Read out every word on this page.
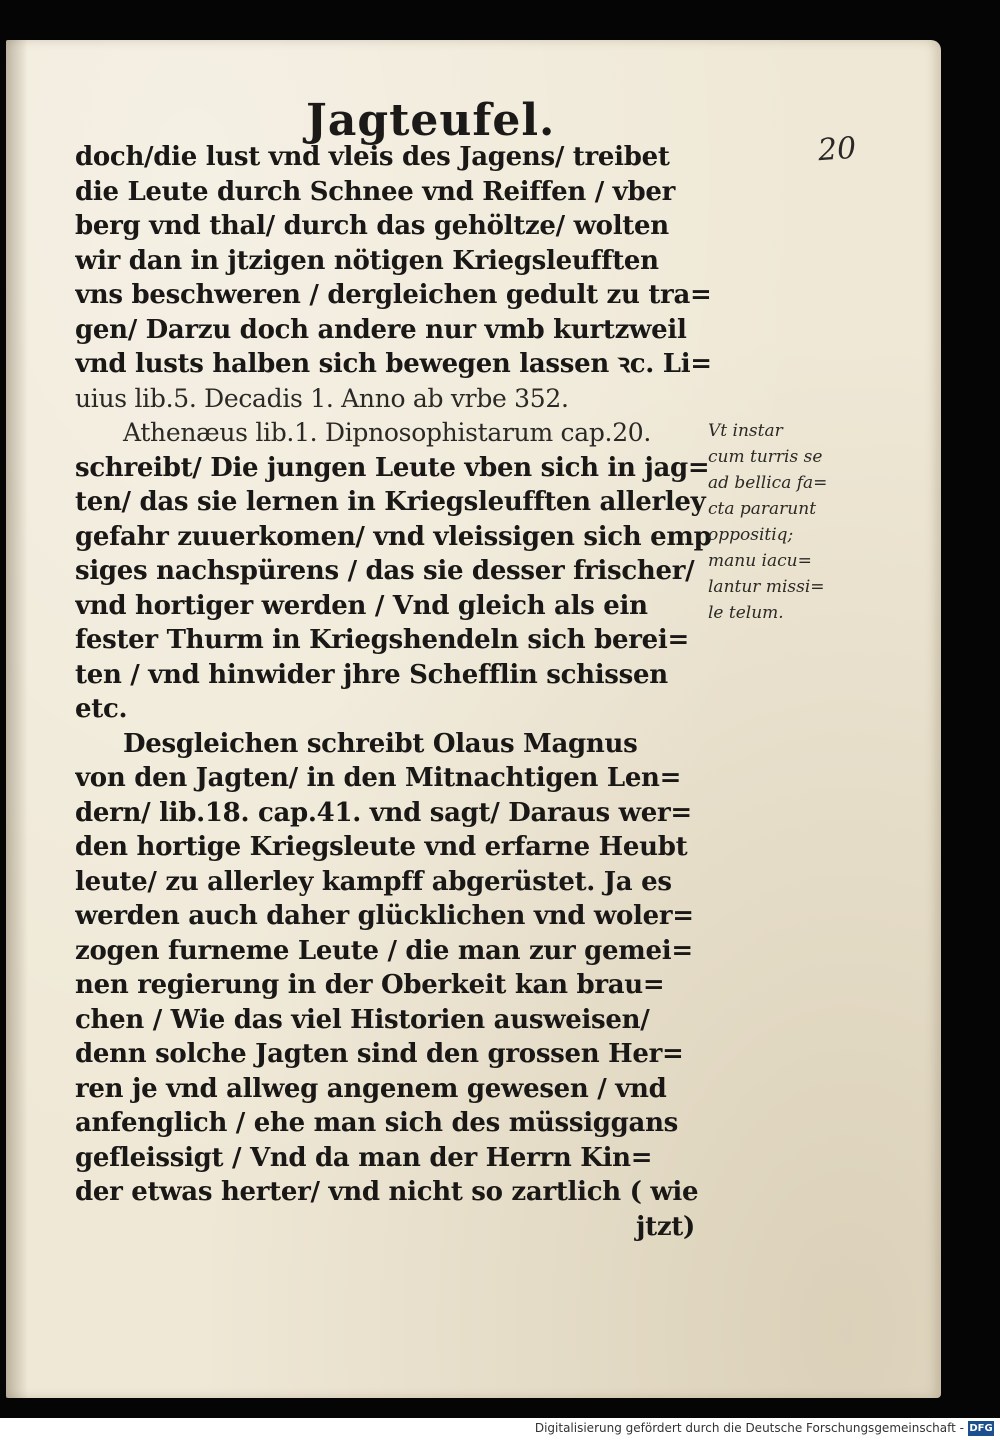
Jagteufel.
20
doch/die lust vnd vleis des Jagens/ treibet
die Leute durch Schnee vnd Reiffen / vber
berg vnd thal/ durch das gehöltze/ wolten
wir dan in jtzigen nötigen Kriegsleufften
vns beschweren / dergleichen gedult zu tra=
gen/ Darzu doch andere nur vmb kurtzweil
vnd lusts halben sich bewegen lassen ꝛc. Li=
uius lib.5. Decadis 1. Anno ab vrbe 352.
Athenæus lib.1. Dipnosophistarum cap.20.
schreibt/ Die jungen Leute vben sich in jag=
ten/ das sie lernen in Kriegsleufften allerley
gefahr zuuerkomen/ vnd vleissigen sich emp
siges nachspürens / das sie desser frischer/
vnd hortiger werden / Vnd gleich als ein
fester Thurm in Kriegshendeln sich berei=
ten / vnd hinwider jhre Schefflin schissen
etc.
Desgleichen schreibt Olaus Magnus
von den Jagten/ in den Mitnachtigen Len=
dern/ lib.18. cap.41. vnd sagt/ Daraus wer=
den hortige Kriegsleute vnd erfarne Heubt
leute/ zu allerley kampff abgerüstet. Ja es
werden auch daher glücklichen vnd woler=
zogen furneme Leute / die man zur gemei=
nen regierung in der Oberkeit kan brau=
chen / Wie das viel Historien ausweisen/
denn solche Jagten sind den grossen Her=
ren je vnd allweg angenem gewesen / vnd
anfenglich / ehe man sich des müssiggans
gefleissigt / Vnd da man der Herrn Kin=
der etwas herter/ vnd nicht so zartlich ( wie
jtzt)
Vt instar
cum turris se
ad bellica fa=
cta pararunt
oppositiq;
manu iacu=
lantur missi=
le telum.
Digitalisierung gefördert durch die Deutsche Forschungsgemeinschaft - DFG
